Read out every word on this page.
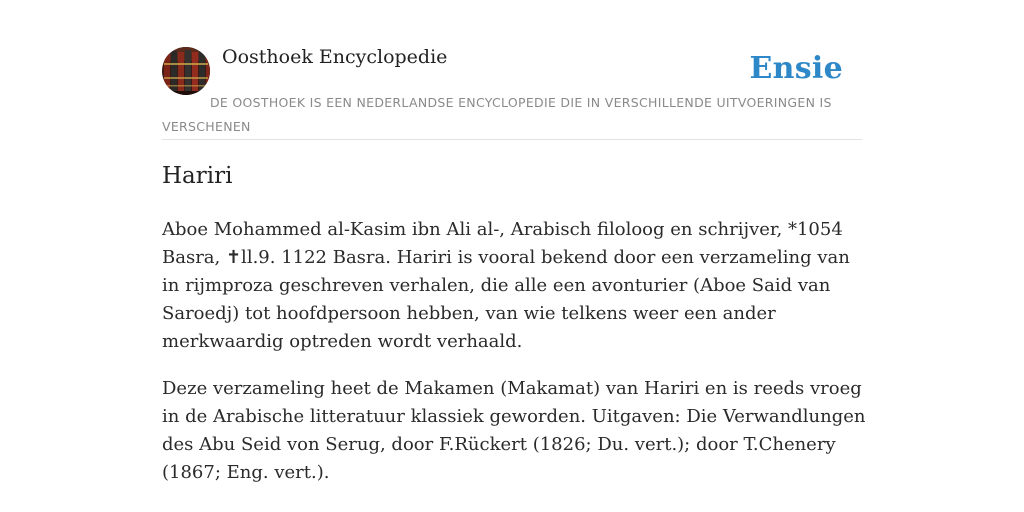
Oosthoek Encyclopedie	Ensie
DE OOSTHOEK IS EEN NEDERLANDSE ENCYCLOPEDIE DIE IN VERSCHILLENDE UITVOERINGEN IS VERSCHENEN
Hariri

Aboe Mohammed al-Kasim ibn Ali al-, Arabisch filoloog en schrijver, *1054 Basra, ✝ll.9. 1122 Basra. Hariri is vooral bekend door een verzameling van in rijmproza geschreven verhalen, die alle een avonturier (Aboe Said van Saroedj) tot hoofdpersoon hebben, van wie telkens weer een ander merkwaardig optreden wordt verhaald.

Deze verzameling heet de Makamen (Makamat) van Hariri en is reeds vroeg in de Arabische litteratuur klassiek geworden. Uitgaven: Die Verwandlungen des Abu Seid von Serug, door F.Rückert (1826; Du. vert.); door T.Chenery (1867; Eng. vert.).
